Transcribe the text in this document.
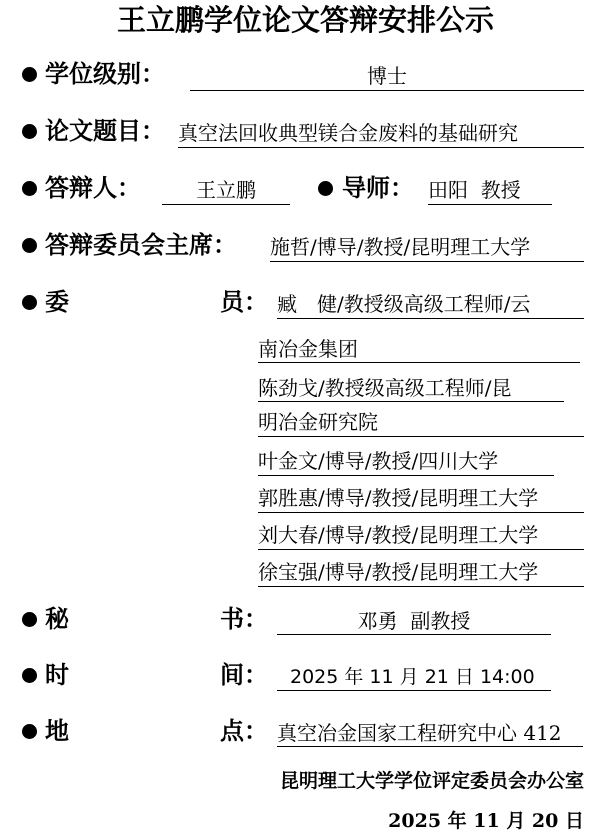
王立鹏学位论文答辩安排公示
学位级别：	博士
论文题目： 真空法回收典型镁合金废料的基础研究
答辩人：	王立鹏	导师： 田阳  教授
答辩委员会主席： 施哲/博导/教授/昆明理工大学
委	员： 臧　健/教授级高级工程师/云
南冶金集团
陈劲戈/教授级高级工程师/昆
明冶金研究院
叶金文/博导/教授/四川大学
郭胜惠/博导/教授/昆明理工大学
刘大春/博导/教授/昆明理工大学
徐宝强/博导/教授/昆明理工大学
秘	书：	邓勇  副教授
时	间： 2025 年 11 月 21 日 14:00
地	点： 真空冶金国家工程研究中心 412
昆明理工大学学位评定委员会办公室
2025 年 11 月 20 日
